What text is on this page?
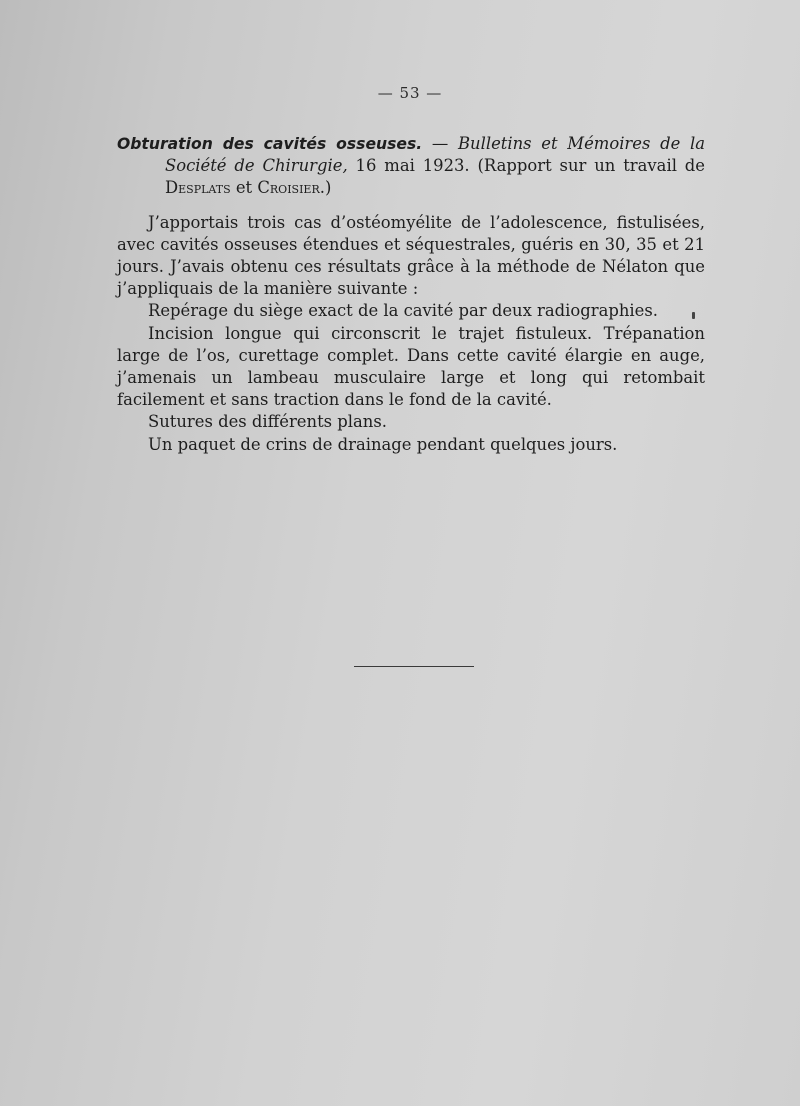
— 53 —

Obturation des cavités osseuses. — Bulletins et Mémoires de la Société de Chirurgie, 16 mai 1923. (Rapport sur un travail de Desplats et Croisier.)

J’apportais trois cas d’ostéomyélite de l’adolescence, fistulisées, avec cavités osseuses étendues et séquestrales, guéris en 30, 35 et 21 jours. J’avais obtenu ces résultats grâce à la méthode de Nélaton que j’appliquais de la manière suivante :

Repérage du siège exact de la cavité par deux radiographies.

Incision longue qui circonscrit le trajet fistuleux. Trépanation large de l’os, curettage complet. Dans cette cavité élargie en auge, j’amenais un lambeau musculaire large et long qui retombait facilement et sans traction dans le fond de la cavité.

Sutures des différents plans.

Un paquet de crins de drainage pendant quelques jours.
